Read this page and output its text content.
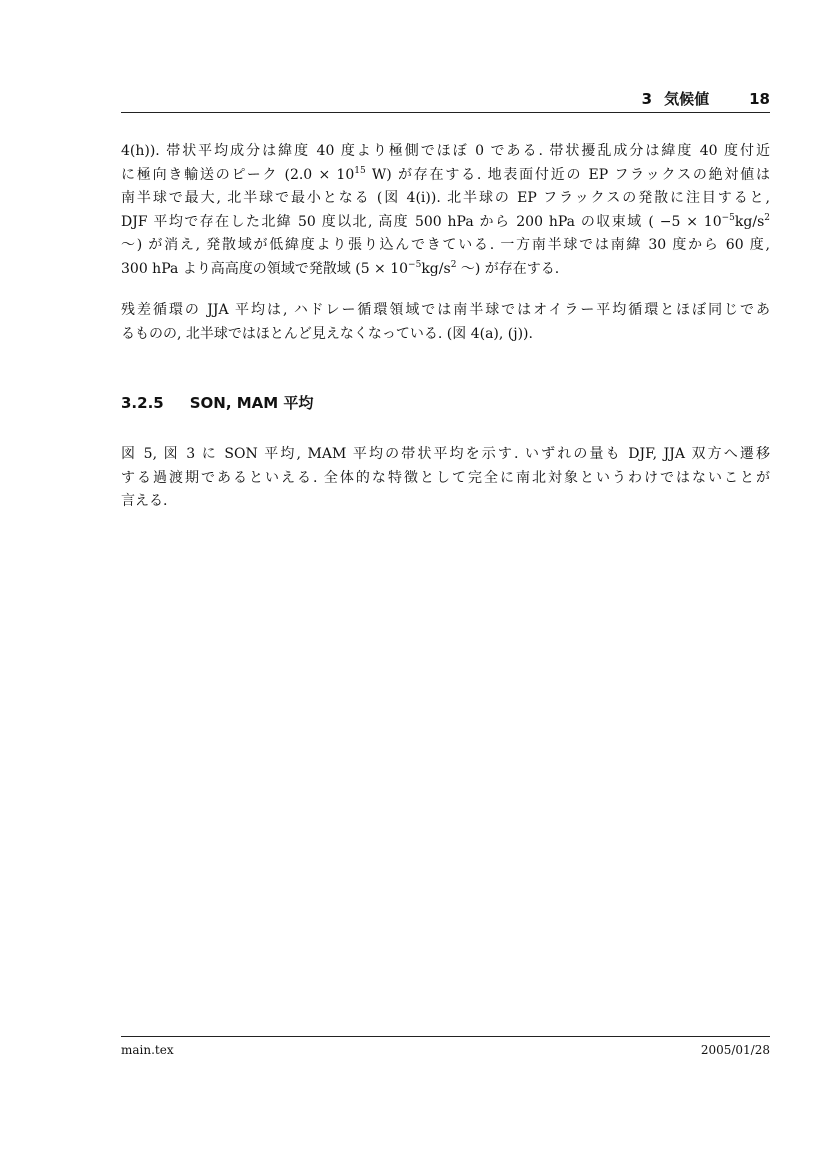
3 気候値	18
4(h)). 帯状平均成分は緯度 40 度より極側でほぼ 0 である. 帯状擾乱成分は緯度 40 度付近
に極向き輸送のピーク ($2.0 \times 10^{15}$ W) が存在する. 地表面付近の EP フラックスの絶対値は
南半球で最大, 北半球で最小となる (図 4(i)). 北半球の EP フラックスの発散に注目すると,
DJF 平均で存在した北緯 50 度以北, 高度 500 hPa から 200 hPa の収束域 ( $-5 \times 10^{-5}kg/s^2$
〜) が消え, 発散域が低緯度より張り込んできている. 一方南半球では南緯 30 度から 60 度,
300 hPa より高高度の領域で発散域 ($5 \times 10^{-5}kg/s^2$ 〜) が存在する.
残差循環の JJA 平均は, ハドレー循環領域では南半球ではオイラー平均循環とほぼ同じであ
るものの, 北半球ではほとんど見えなくなっている. (図 4(a), (j)).
3.2.5 SON, MAM 平均
図 5, 図 3 に SON 平均, MAM 平均の帯状平均を示す. いずれの量も DJF, JJA 双方へ遷移
する過渡期であるといえる. 全体的な特徴として完全に南北対象というわけではないことが
言える.
main.tex	2005/01/28
